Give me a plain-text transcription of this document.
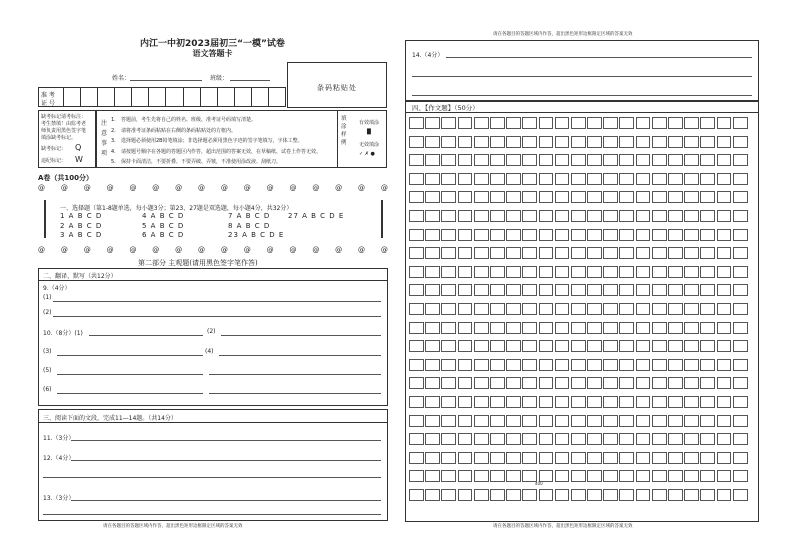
内江一中初2023届初三“一模”试卷
语文答题卡
姓名：	班级：
条码粘贴处
准 考
证 号
缺考标记请考标注：
考生禁填！由监考老
师负责用黑色签字笔
填涂缺考标记。
缺考标记： Q
违纪标记： W
注意事项
1.	答题前，考生先将自己的姓名、班级、准考证号码填写清楚。
2.	请将准考证条码粘贴在右侧的条码粘贴处的方框内。
3.	选择题必须使用2B铅笔填涂；非选择题必须用黑色字迹的签字笔填写，字体工整。
4.	请按题号顺序在各题的答题区内作答，超出范围的答案无效，在草稿纸、试卷上作答无效。
5.	保持卡面清洁，不要折叠、不要弄破、弄皱，不准使用涂改液、刮纸刀。
填涂样例
有效填涂
█
无效填涂
✓ ✗ ●
A卷（共100分）
@ @ @ @ @ @ @ @ @ @ @ @ @ @ @ @
一、选择题（第1-8题单选，每小题3分；第23、27题是双选题，每小题4分，共32分）
1 A B C D	4 A B C D	7 A B C D	27 A B C D E
2 A B C D	5 A B C D	8 A B C D
3 A B C D	6 A B C D	23 A B C D E
@ @ @ @ @ @ @ @ @ @ @ @ @ @ @ @
第二部分 主观题(请用黑色签字笔作答)
二、翻译、默写（共12分）
9.（4分）
(1)
(2)
10.（8分）(1)	(2)
(3)	(4)
(5)
(6)
三、阅读下面的文段，完成11—14题。（共14分）
11.（3分）
12.（4分）
13.（3分）
请在各题目的答题区域内作答，超出黑色矩形边框限定区域的答案无效
请在各题目的答题区域内作答，超出黑色矩形边框限定区域的答案无效
14.（4分）
四、【作文题】（50分）
400
请在各题目的答题区域内作答，超出黑色矩形边框限定区域的答案无效
